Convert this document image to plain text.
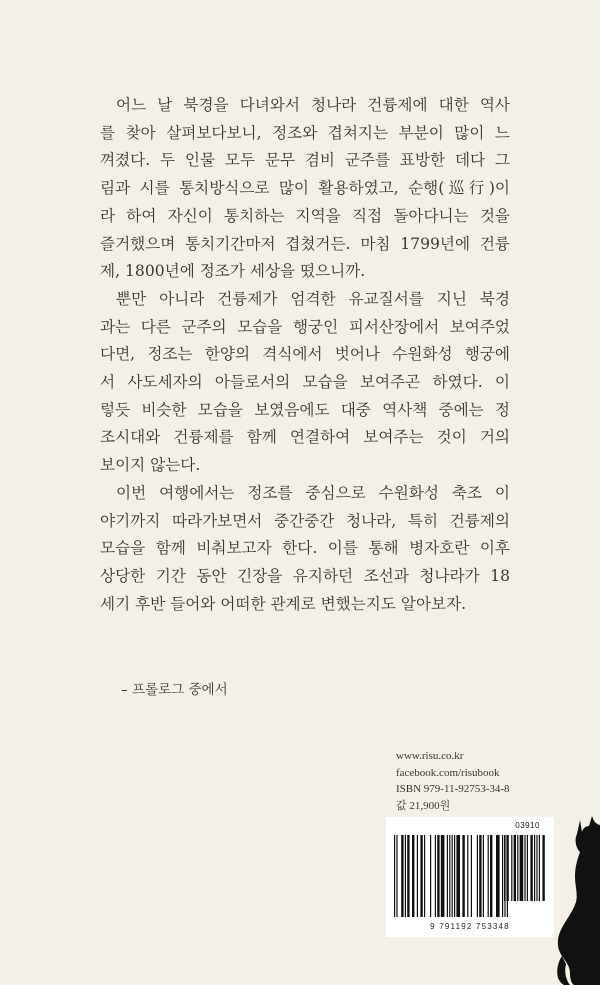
어느 날 북경을 다녀와서 청나라 건륭제에 대한 역사
를 찾아 살펴보다보니, 정조와 겹쳐지는 부분이 많이 느
껴졌다. 두 인물 모두 문무 겸비 군주를 표방한 데다 그
림과 시를 통치방식으로 많이 활용하였고, 순행(巡行)이
라 하여 자신이 통치하는 지역을 직접 돌아다니는 것을
즐거했으며 통치기간마저 겹쳤거든. 마침 1799년에 건륭
제, 1800년에 정조가 세상을 떴으니까.
뿐만 아니라 건륭제가 엄격한 유교질서를 지닌 북경
과는 다른 군주의 모습을 행궁인 피서산장에서 보여주었
다면, 정조는 한양의 격식에서 벗어나 수원화성 행궁에
서 사도세자의 아들로서의 모습을 보여주곤 하였다. 이
렇듯 비슷한 모습을 보였음에도 대중 역사책 중에는 정
조시대와 건륭제를 함께 연결하여 보여주는 것이 거의
보이지 않는다.
이번 여행에서는 정조를 중심으로 수원화성 축조 이
야기까지 따라가보면서 중간중간 청나라, 특히 건륭제의
모습을 함께 비춰보고자 한다. 이를 통해 병자호란 이후
상당한 기간 동안 긴장을 유지하던 조선과 청나라가 18
세기 후반 들어와 어떠한 관계로 변했는지도 알아보자.
– 프롤로그 중에서
www.risu.co.kr
facebook.com/risubook
ISBN 979-11-92753-34-8
값 21,900원
03910
9 791192 753348
